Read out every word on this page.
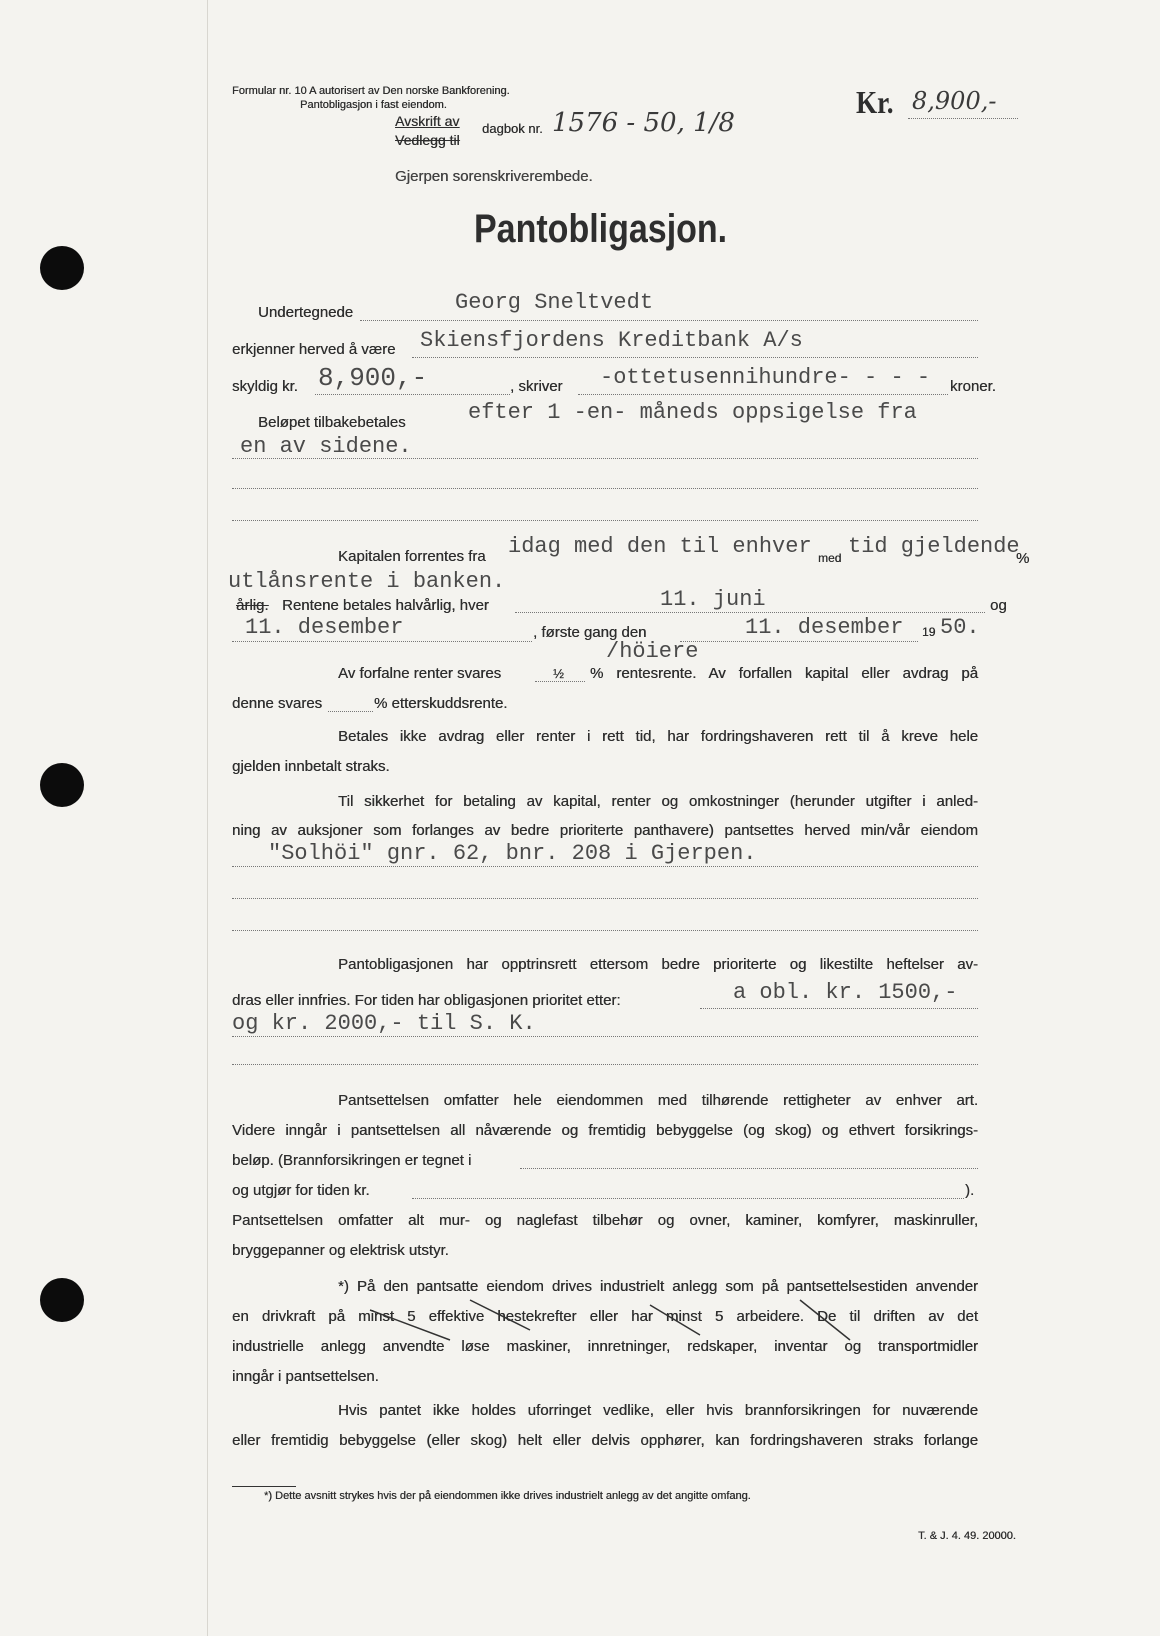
Formular nr. 10 A autorisert av Den norske Bankforening.
Pantobligasjon i fast eiendom.	Kr. 8,900,-
Avskrift av
Vedlegg til
dagbok nr. 1576 - 50, 1/8
Gjerpen sorenskriverembede.
Pantobligasjon.
Undertegnede	Georg Sneltvedt
erkjenner herved å være Skiensfjordens Kreditbank A/s
skyldig kr. 8,900,-	, skriver -ottetusennihundre- - - - kroner.
Beløpet tilbakebetales	efter 1 -en- måneds oppsigelse fra
en av sidene.
Kapitalen forrentes fra idag med den til enhver med tid gjeldende
%
utlånsrente i banken.
årlig. Rentene betales halvårlig, hver	11. juni	og
11. desember	, første gang den	11. desember 19 50.
/höiere
Av forfalne renter svares	½ % rentesrente. Av forfallen kapital eller avdrag på
denne svares	% etterskuddsrente.
Betales ikke avdrag eller renter i rett tid, har fordringshaveren rett til å kreve hele
gjelden innbetalt straks.
Til sikkerhet for betaling av kapital, renter og omkostninger (herunder utgifter i anled-
ning av auksjoner som forlanges av bedre prioriterte panthavere) pantsettes herved min/vår eiendom
"Solhöi" gnr. 62, bnr. 208 i Gjerpen.
Pantobligasjonen har opptrinsrett ettersom bedre prioriterte og likestilte heftelser av-
dras eller innfries. For tiden har obligasjonen prioritet etter:	a obl. kr. 1500,-
og kr. 2000,- til S. K.
Pantsettelsen omfatter hele eiendommen med tilhørende rettigheter av enhver art.
Videre inngår i pantsettelsen all nåværende og fremtidig bebyggelse (og skog) og ethvert forsikrings-
beløp. (Brannforsikringen er tegnet i
og utgjør for tiden kr.	).
Pantsettelsen omfatter alt mur- og naglefast tilbehør og ovner, kaminer, komfyrer, maskinruller,
bryggepanner og elektrisk utstyr.
*) På den pantsatte eiendom drives industrielt anlegg som på pantsettelsestiden anvender
en drivkraft på minst 5 effektive hestekrefter eller har minst 5 arbeidere. De til driften av det
industrielle anlegg anvendte løse maskiner, innretninger, redskaper, inventar og transportmidler
inngår i pantsettelsen.
Hvis pantet ikke holdes uforringet vedlike, eller hvis brannforsikringen for nuværende
eller fremtidig bebyggelse (eller skog) helt eller delvis opphører, kan fordringshaveren straks forlange
*) Dette avsnitt strykes hvis der på eiendommen ikke drives industrielt anlegg av det angitte omfang.
T. & J. 4. 49. 20000.
